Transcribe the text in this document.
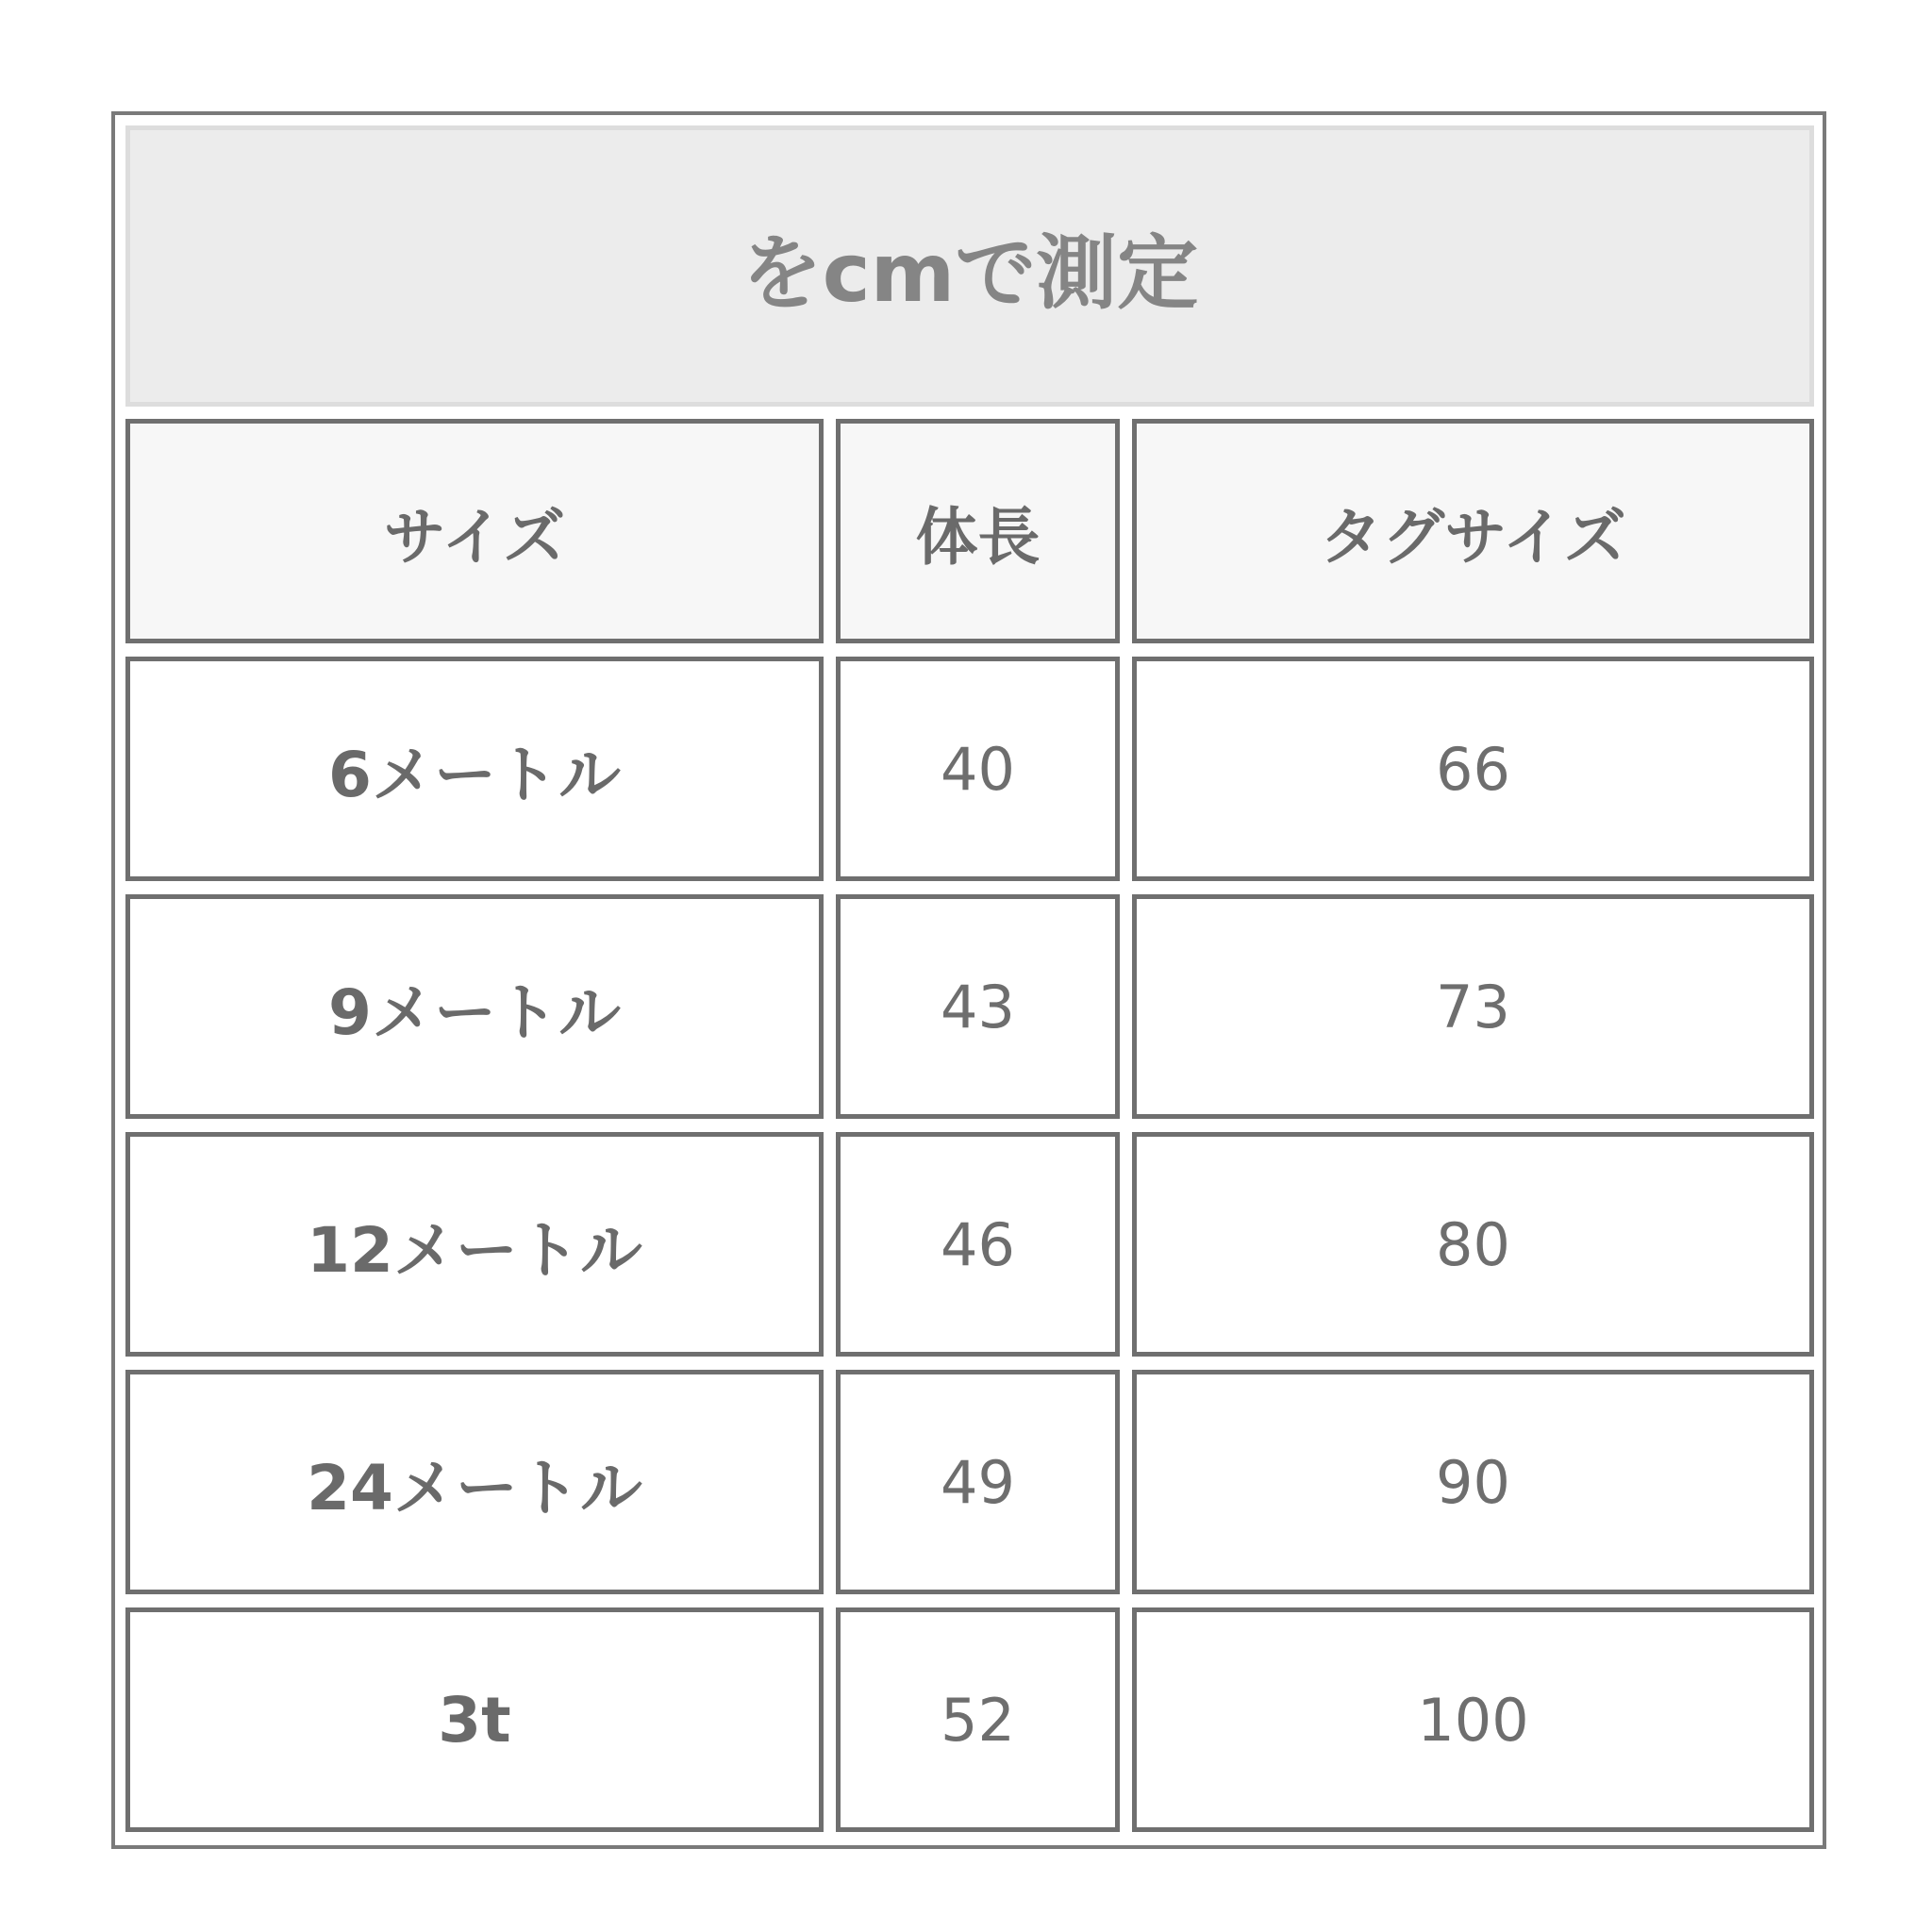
をcmで測定
サイズ	体長	タグサイズ
6メートル	40	66
9メートル	43	73
12メートル	46	80
24メートル	49	90
3t	52	100
